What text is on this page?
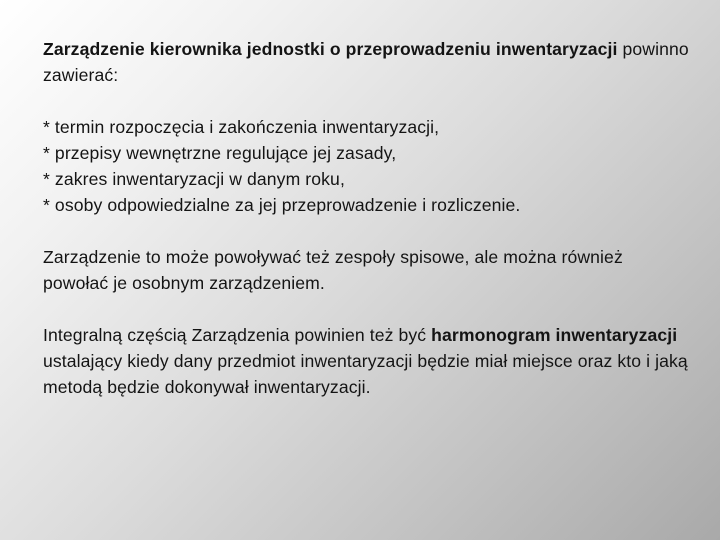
Zarządzenie kierownika jednostki o przeprowadzeniu inwentaryzacji powinno zawierać:

* termin rozpoczęcia i zakończenia inwentaryzacji,
* przepisy wewnętrzne regulujące jej zasady,
* zakres inwentaryzacji w danym roku,
* osoby odpowiedzialne za jej przeprowadzenie i rozliczenie.

Zarządzenie to może powoływać też zespoły spisowe, ale można również powołać je osobnym zarządzeniem.

Integralną częścią Zarządzenia powinien też być harmonogram inwentaryzacji ustalający kiedy dany przedmiot inwentaryzacji będzie miał miejsce oraz kto i jaką metodą będzie dokonywał inwentaryzacji.
